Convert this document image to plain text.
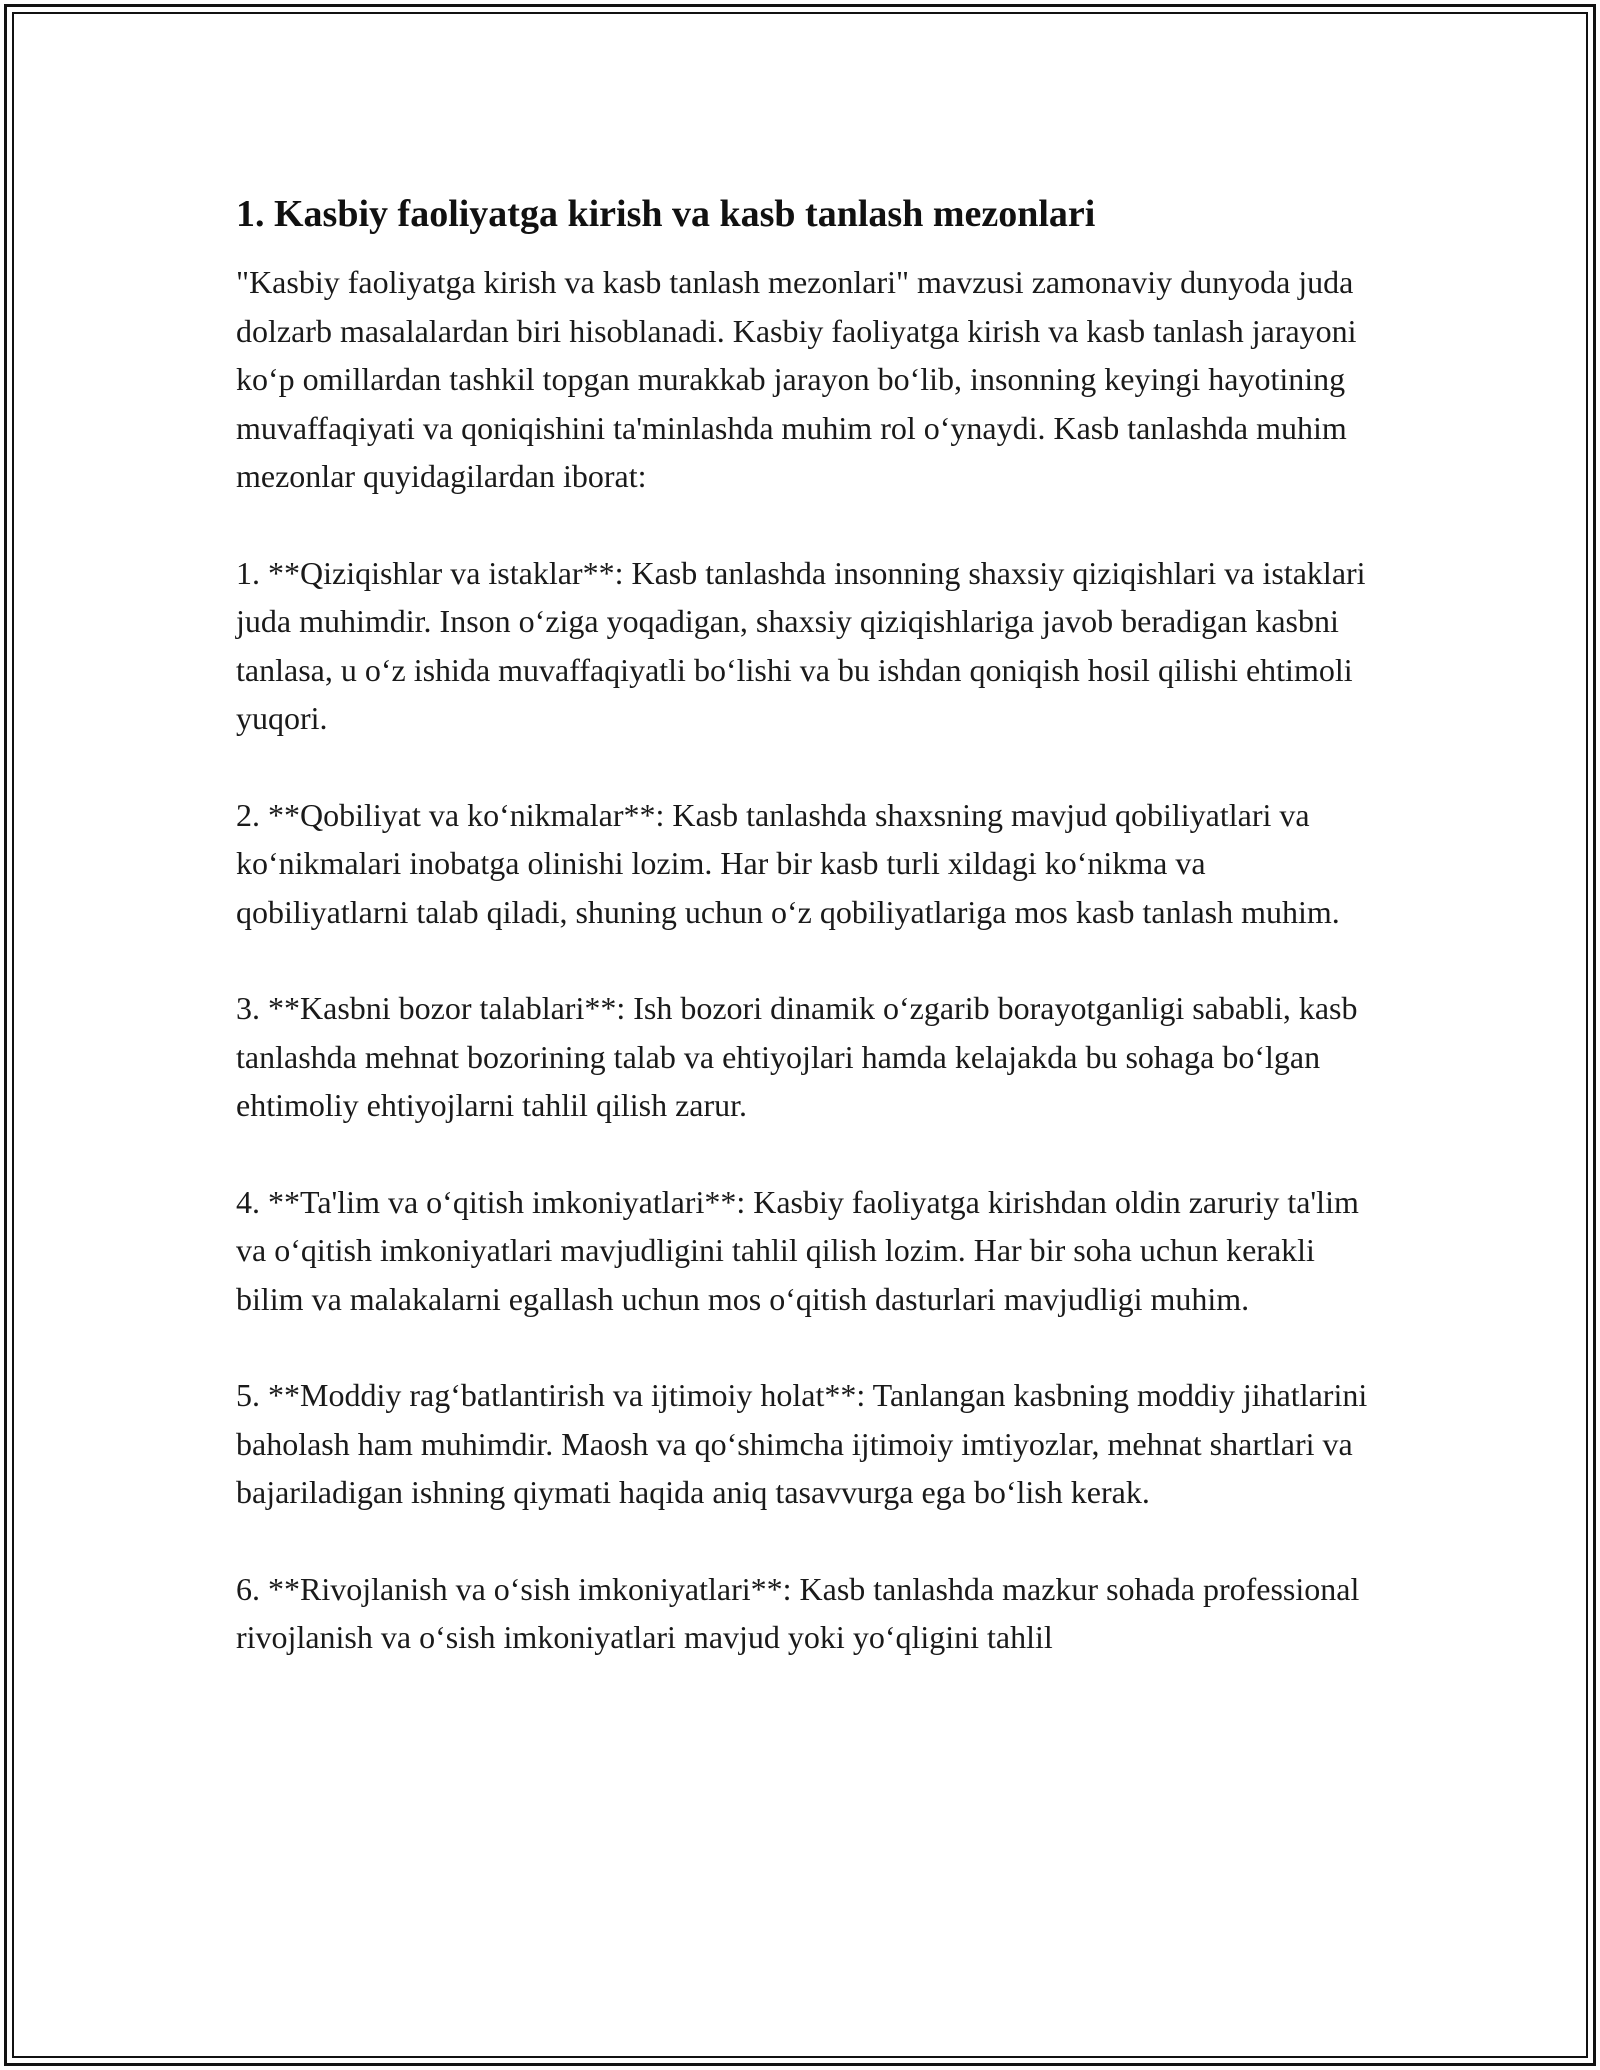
1. Kasbiy faoliyatga kirish va kasb tanlash mezonlari

"Kasbiy faoliyatga kirish va kasb tanlash mezonlari" mavzusi zamonaviy dunyoda juda dolzarb masalalardan biri hisoblanadi. Kasbiy faoliyatga kirish va kasb tanlash jarayoni ko‘p omillardan tashkil topgan murakkab jarayon bo‘lib, insonning keyingi hayotining muvaffaqiyati va qoniqishini ta'minlashda muhim rol o‘ynaydi. Kasb tanlashda muhim mezonlar quyidagilardan iborat:

1. **Qiziqishlar va istaklar**: Kasb tanlashda insonning shaxsiy qiziqishlari va istaklari juda muhimdir. Inson o‘ziga yoqadigan, shaxsiy qiziqishlariga javob beradigan kasbni tanlasa, u o‘z ishida muvaffaqiyatli bo‘lishi va bu ishdan qoniqish hosil qilishi ehtimoli yuqori.

2. **Qobiliyat va ko‘nikmalar**: Kasb tanlashda shaxsning mavjud qobiliyatlari va ko‘nikmalari inobatga olinishi lozim. Har bir kasb turli xildagi ko‘nikma va qobiliyatlarni talab qiladi, shuning uchun o‘z qobiliyatlariga mos kasb tanlash muhim.

3. **Kasbni bozor talablari**: Ish bozori dinamik o‘zgarib borayotganligi sababli, kasb tanlashda mehnat bozorining talab va ehtiyojlari hamda kelajakda bu sohaga bo‘lgan ehtimoliy ehtiyojlarni tahlil qilish zarur.

4. **Ta'lim va o‘qitish imkoniyatlari**: Kasbiy faoliyatga kirishdan oldin zaruriy ta'lim va o‘qitish imkoniyatlari mavjudligini tahlil qilish lozim. Har bir soha uchun kerakli bilim va malakalarni egallash uchun mos o‘qitish dasturlari mavjudligi muhim.

5. **Moddiy rag‘batlantirish va ijtimoiy holat**: Tanlangan kasbning moddiy jihatlarini baholash ham muhimdir. Maosh va qo‘shimcha ijtimoiy imtiyozlar, mehnat shartlari va bajariladigan ishning qiymati haqida aniq tasavvurga ega bo‘lish kerak.

6. **Rivojlanish va o‘sish imkoniyatlari**: Kasb tanlashda mazkur sohada professional rivojlanish va o‘sish imkoniyatlari mavjud yoki yo‘qligini tahlil
